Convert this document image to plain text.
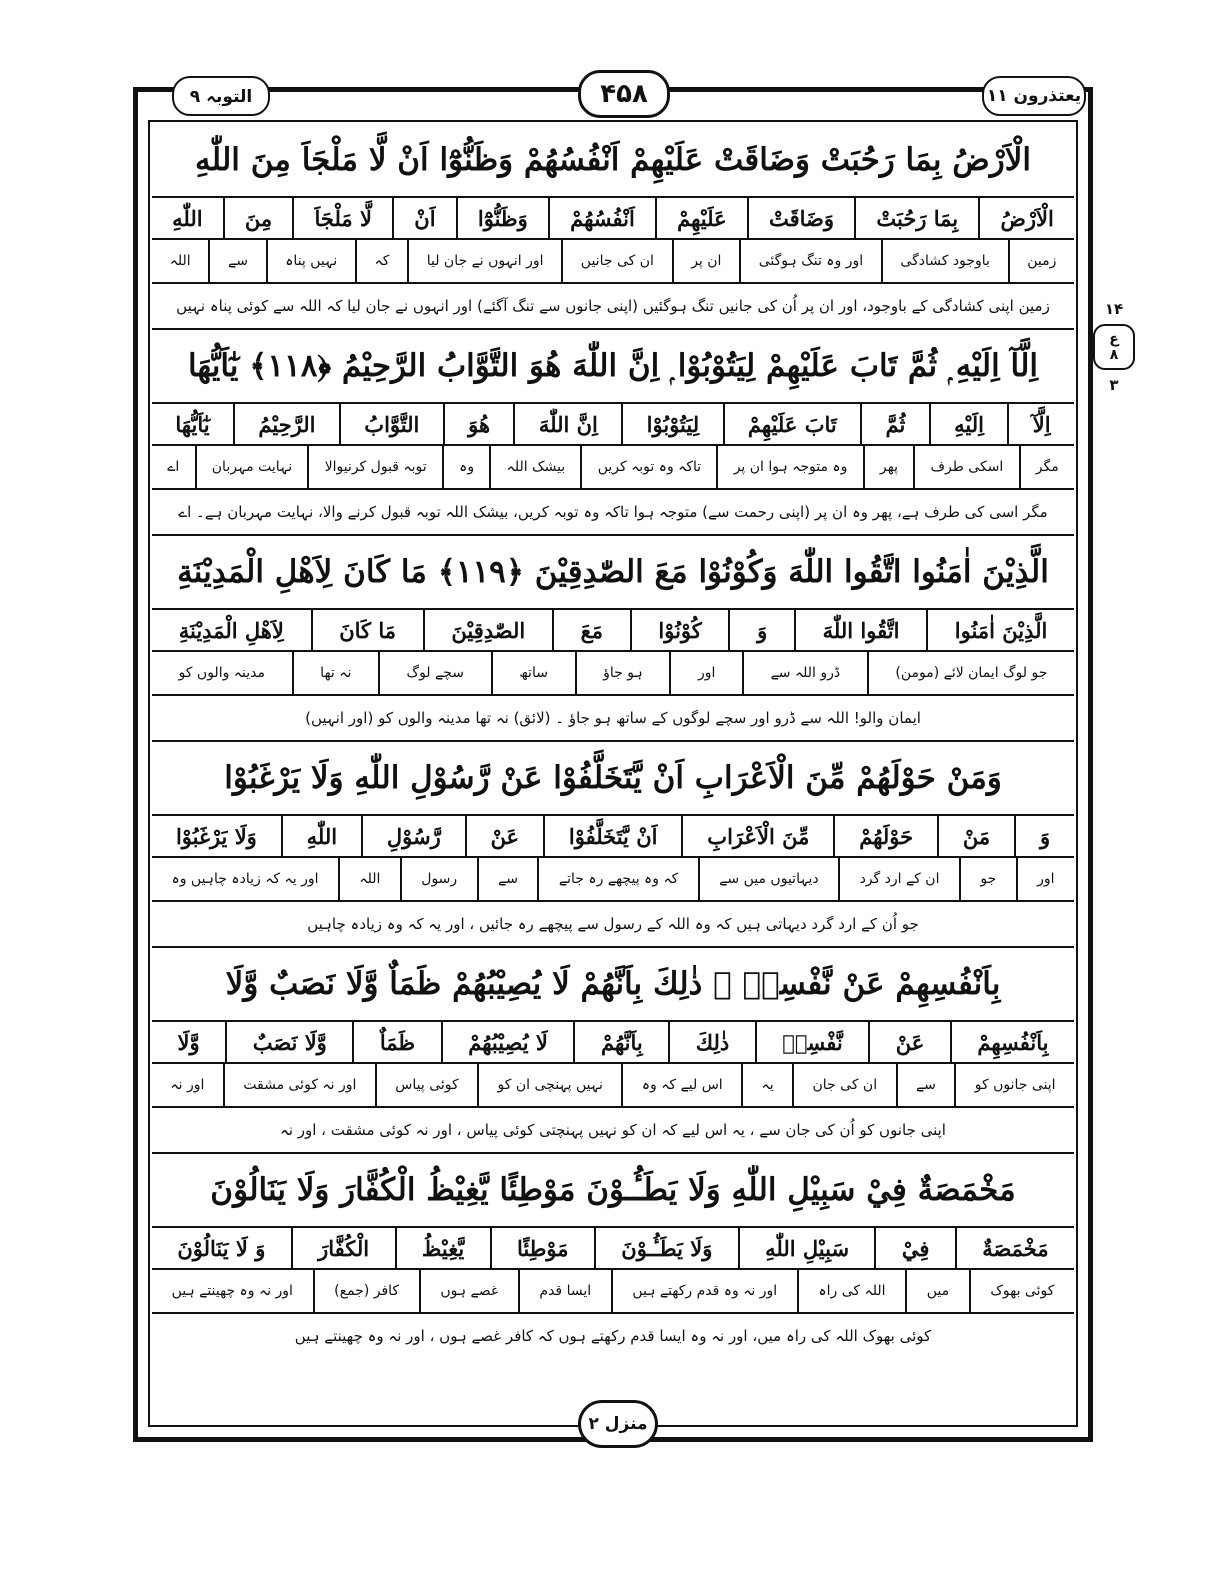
التوبہ ۹	۴۵۸	یعتذرون ۱۱
۱۴
ع
۸
۳
الْاَرْضُ بِمَا رَحُبَتْ وَضَاقَتْ عَلَيْهِمْ اَنْفُسُهُمْ وَظَنُّوْٓا اَنْ لَّا مَلْجَاَ مِنَ اللّٰهِ
الْاَرْضُ
بِمَا رَحُبَتْ
وَضَاقَتْ
عَلَيْهِمْ
اَنْفُسُهُمْ
وَظَنُّوْٓا
اَنْ
لَّا مَلْجَاَ
مِنَ
اللّٰهِ
زمین
باوجود کشادگی
اور وہ تنگ ہوگئی
ان پر
ان کی جانیں
اور انہوں نے جان لیا
کہ
نہیں پناہ
سے
اللہ
زمین اپنی کشادگی کے باوجود، اور ان پر اُن کی جانیں تنگ ہوگئیں (اپنی جانوں سے تنگ آگئے) اور انہوں نے جان لیا کہ اللہ سے کوئی پناہ نہیں
اِلَّآ اِلَيْهِ ۭ ثُمَّ تَابَ عَلَيْهِمْ لِيَتُوْبُوْا ۭ اِنَّ اللّٰهَ هُوَ التَّوَّابُ الرَّحِيْمُ ﴿۱۱۸﴾ يٰٓاَيُّهَا
اِلَّآ
اِلَيْهِ
ثُمَّ
تَابَ عَلَيْهِمْ
لِيَتُوْبُوْا
اِنَّ اللّٰهَ
هُوَ
التَّوَّابُ
الرَّحِيْمُ
يٰٓاَيُّهَا
مگر
اسکی طرف
پھر
وہ متوجہ ہوا ان پر
تاکہ وہ توبہ کریں
بیشک اللہ
وہ
توبہ قبول کرنیوالا
نہایت مہربان
اے
مگر اسی کی طرف ہے، پھر وہ ان پر (اپنی رحمت سے) متوجہ ہوا تاکہ وہ توبہ کریں، بیشک اللہ توبہ قبول کرنے والا، نہایت مہربان ہے۔ اے
الَّذِيْنَ اٰمَنُوا اتَّقُوا اللّٰهَ وَكُوْنُوْا مَعَ الصّٰدِقِيْنَ ﴿۱۱۹﴾ مَا كَانَ لِاَهْلِ الْمَدِيْنَةِ
الَّذِيْنَ اٰمَنُوا
اتَّقُوا اللّٰهَ
وَ
كُوْنُوْا
مَعَ
الصّٰدِقِيْنَ
مَا كَانَ
لِاَهْلِ الْمَدِيْنَةِ
جو لوگ ایمان لائے (مومن)
ڈرو اللہ سے
اور
ہو جاؤ
ساتھ
سچے لوگ
نہ تھا
مدینہ والوں کو
ایمان والو! اللہ سے ڈرو اور سچے لوگوں کے ساتھ ہو جاؤ ۔ (لائق) نہ تھا مدینہ والوں کو (اور انہیں)
وَمَنْ حَوْلَهُمْ مِّنَ الْاَعْرَابِ اَنْ يَّتَخَلَّفُوْا عَنْ رَّسُوْلِ اللّٰهِ وَلَا يَرْغَبُوْا
وَ
مَنْ
حَوْلَهُمْ
مِّنَ الْاَعْرَابِ
اَنْ يَّتَخَلَّفُوْا
عَنْ
رَّسُوْلِ
اللّٰهِ
وَلَا يَرْغَبُوْا
اور
جو
ان کے ارد گرد
دیہاتیوں میں سے
کہ وہ پیچھے رہ جاتے
سے
رسول
اللہ
اور یہ کہ زیادہ چاہیں وہ
جو اُن کے ارد گرد دیہاتی ہیں کہ وہ اللہ کے رسول سے پیچھے رہ جائیں ، اور یہ کہ وہ زیادہ چاہیں
بِاَنْفُسِهِمْ عَنْ نَّفْسِهٖ ۭ ذٰلِكَ بِاَنَّهُمْ لَا يُصِيْبُهُمْ ظَمَاٌ وَّلَا نَصَبٌ وَّلَا
بِاَنْفُسِهِمْ
عَنْ
نَّفْسِهٖ
ذٰلِكَ
بِاَنَّهُمْ
لَا يُصِيْبُهُمْ
ظَمَاٌ
وَّلَا نَصَبٌ
وَّلَا
اپنی جانوں کو
سے
ان کی جان
یہ
اس لیے کہ وہ
نہیں پہنچی ان کو
کوئی پیاس
اور نہ کوئی مشقت
اور نہ
اپنی جانوں کو اُن کی جان سے ، یہ اس لیے کہ ان کو نہیں پہنچتی کوئی پیاس ، اور نہ کوئی مشقت ، اور نہ
مَخْمَصَةٌ فِيْ سَبِيْلِ اللّٰهِ وَلَا يَطَـُٔـوْنَ مَوْطِئًا يَّغِيْظُ الْكُفَّارَ وَلَا يَنَالُوْنَ
مَخْمَصَةٌ
فِيْ
سَبِيْلِ اللّٰهِ
وَلَا يَطَـُٔـوْنَ
مَوْطِئًا
يَّغِيْظُ
الْكُفَّارَ
وَ لَا يَنَالُوْنَ
کوئی بھوک
میں
اللہ کی راہ
اور نہ وہ قدم رکھتے ہیں
ایسا قدم
غصے ہوں
کافر (جمع)
اور نہ وہ چھینتے ہیں
کوئی بھوک اللہ کی راہ میں، اور نہ وہ ایسا قدم رکھتے ہوں کہ کافر غصے ہوں ، اور نہ وہ چھینتے ہیں
منزل ۲
